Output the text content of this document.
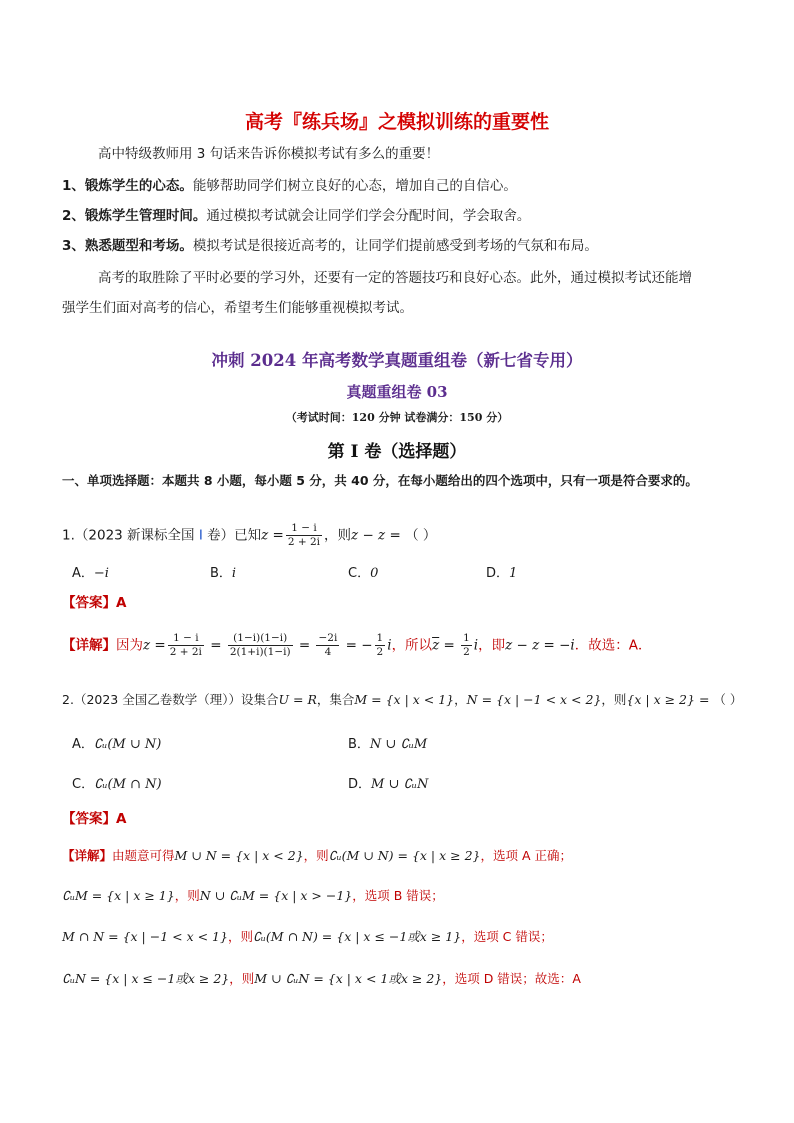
高考『练兵场』之模拟训练的重要性
高中特级教师用 3 句话来告诉你模拟考试有多么的重要！
1、锻炼学生的心态。能够帮助同学们树立良好的心态，增加自己的自信心。
2、锻炼学生管理时间。通过模拟考试就会让同学们学会分配时间，学会取舍。
3、熟悉题型和考场。模拟考试是很接近高考的，让同学们提前感受到考场的气氛和布局。
高考的取胜除了平时必要的学习外，还要有一定的答题技巧和良好心态。此外，通过模拟考试还能增
强学生们面对高考的信心，希望考生们能够重视模拟考试。
冲刺 2024 年高考数学真题重组卷（新七省专用）
真题重组卷 03
（考试时间：120 分钟 试卷满分：150 分）
第 I 卷（选择题）
一、单项选择题：本题共 8 小题，每小题 5 分，共 40 分，在每小题给出的四个选项中，只有一项是符合要求的。
1.（2023 新课标全国 I 卷）已知$z = \frac{1 - i}{2 + 2i}$ ，则z − z = （ ）
A．−i	B．i	C．0	D．1
【答案】A
【详解】因为$z = \frac{1 - i}{2 + 2i} = \frac{(1-i)(1-i)}{2(1+i)(1-i)} = \frac{-2i}{4}$ = − $\frac{1}{2}$ i，所以$\overline{z} = \frac{1}{2}$ i，即z − z = −i．故选：A．
2.（2023 全国乙卷数学（理））设集合U = R，集合M = {x | x < 1}，N = {x | −1 < x < 2}，则{x | x ≥ 2} = （ ）
A．∁ᵤ(M ∪ N)	B．N ∪ ∁ᵤM
C．∁ᵤ(M ∩ N)	D．M ∪ ∁ᵤN
【答案】A
【详解】由题意可得M ∪ N = {x | x < 2}，则∁ᵤ(M ∪ N) = {x | x ≥ 2}，选项 A 正确；
∁ᵤM = {x | x ≥ 1}，则N ∪ ∁ᵤM = {x | x > −1}，选项 B 错误；
M ∩ N = {x | −1 < x < 1}，则∁ᵤ(M ∩ N) = {x | x ≤ −1或x ≥ 1}，选项 C 错误；
∁ᵤN = {x | x ≤ −1或x ≥ 2}，则M ∪ ∁ᵤN = {x | x < 1或x ≥ 2}，选项 D 错误；故选：A
